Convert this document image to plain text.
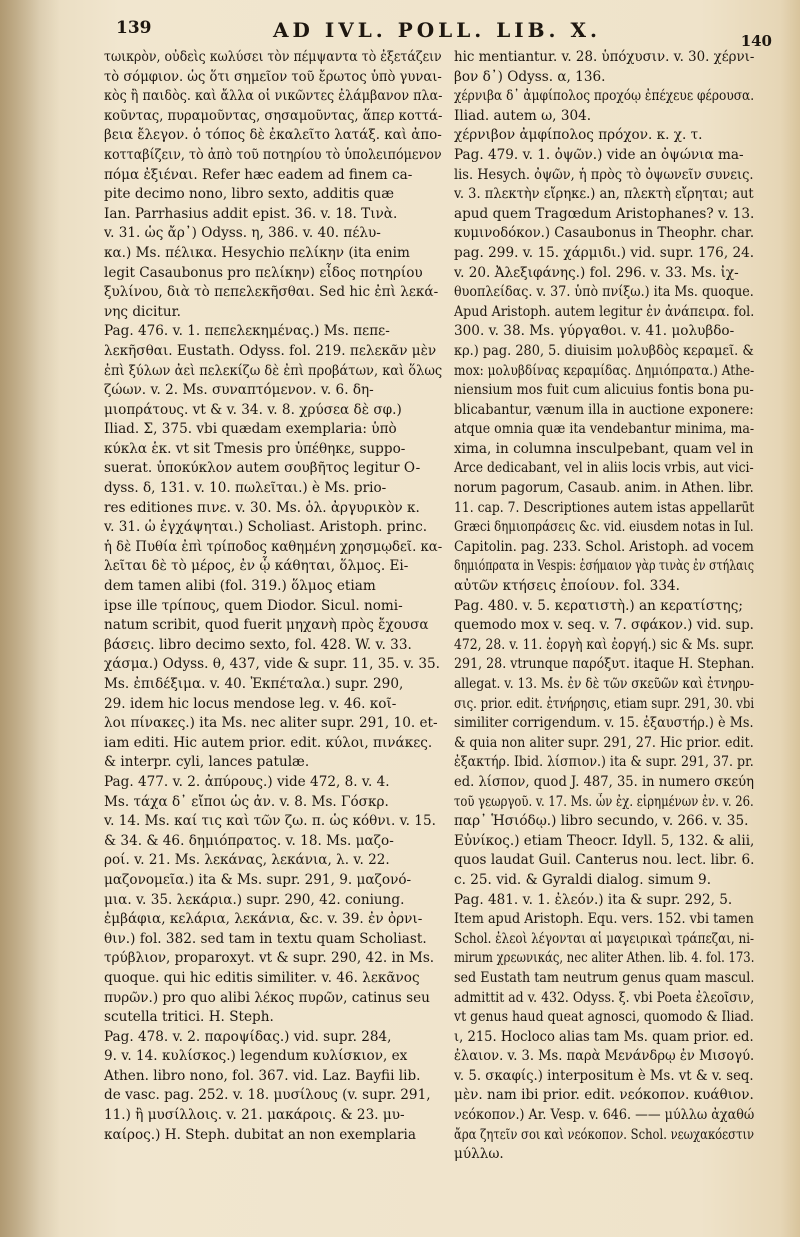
139	AD IVL. POLL. LIB. X.	140
τωικρὸν, οὐδεὶς κωλύσει τὸν πέμψαντα τὸ ἐξετάζειν
τὸ σόμφιον. ὡς ὅτι σημεῖον τοῦ ἔρωτος ὑπὸ γυναι-
κὸς ἢ παιδὸς. καὶ ἄλλα οἱ νικῶντες ἐλάμβανον πλα-
κοῦντας, πυραμοῦντας, σησαμοῦντας, ἅπερ κοττά-
βεια ἔλεγον. ὁ τόπος δὲ ἐκαλεῖτο λατάξ. καὶ ἀπο-
κοτταβίζειν, τὸ ἀπὸ τοῦ ποτηρίου τὸ ὑπολειπόμενον
πόμα ἐξιέναι. Refer hæc eadem ad finem ca-
pite decimo nono, libro sexto, additis quæ
Ian. Parrhasius addit epist. 36. v. 18. Τινὰ.
v. 31. ὡς ἄρ᾽) Odyss. η, 386. v. 40. πέλυ-
κα.) Ms. πέλικα. Hesychio πελίκην (ita enim
legit Casaubonus pro πελίκην) εἶδος ποτηρίου
ξυλίνου, διὰ τὸ πεπελεκῆσθαι. Sed hic ἐπὶ λεκά-
νης dicitur.
Pag. 476. v. 1. πεπελεκημένας.) Ms. πεπε-
λεκῆσθαι. Eustath. Odyss. fol. 219. πελεκᾶν μὲν
ἐπὶ ξύλων ἀεὶ πελεκίζω δὲ ἐπὶ προβάτων, καὶ ὅλως
ζώων. v. 2. Ms. συναπτόμενον. v. 6. δη-
μιοπράτους. vt & v. 34. v. 8. χρύσεα δὲ σφ.)
Iliad. Σ, 375. vbi quædam exemplaria: ὑπὸ
κύκλα ἑκ. vt sit Tmesis pro ὑπέθηκε, suppo-
suerat. ὑποκύκλον autem σουβῆτος legitur O-
dyss. δ, 131. v. 10. πωλεῖται.) è Ms. prio-
res editiones πινε. v. 30. Ms. ὁλ. ἀργυρικὸν κ.
v. 31. ὡ ἐγχάψηται.) Scholiast. Aristoph. princ.
ἡ δὲ Πυθία ἐπὶ τρίποδος καθημένη χρησμῳδεῖ. κα-
λεῖται δὲ τὸ μέρος, ἐν ᾧ κάθηται, ὅλμος. Ei-
dem tamen alibi (fol. 319.) ὅλμος etiam
ipse ille τρίπους, quem Diodor. Sicul. nomi-
natum scribit, quod fuerit μηχανὴ πρὸς ἔχουσα
βάσεις. libro decimo sexto, fol. 428. W. v. 33.
χάσμα.) Odyss. θ, 437, vide & supr. 11, 35. v. 35.
Ms. ἐπιδέξιμα. v. 40. Ἐκπέταλα.) supr. 290,
29. idem hic locus mendose leg. v. 46. κοῖ-
λοι πίνακες.) ita Ms. nec aliter supr. 291, 10. et-
iam editi. Hic autem prior. edit. κύλοι, πινάκες.
& interpr. cyli, lances patulæ.
Pag. 477. v. 2. ἀπύρους.) vide 472, 8. v. 4.
Ms. τάχα δ᾽ εἴποι ὡς ἀν. v. 8. Ms. Γόσκρ.
v. 14. Ms. καί τις καὶ τῶν ζω. π. ὡς κόθνι. v. 15.
& 34. & 46. δημιόπρατος. v. 18. Ms. μαζο-
ροί. v. 21. Ms. λεκάνας, λεκάνια, λ. v. 22.
μαζονομεῖα.) ita & Ms. supr. 291, 9. μαζονό-
μια. v. 35. λεκάρια.) supr. 290, 42. coniung.
ἐμβάφια, κελάρια, λεκάνια, &c. v. 39. ἐν ὀρνι-
θιν.) fol. 382. sed tam in textu quam Scholiast.
τρύβλιον, proparoxyt. vt & supr. 290, 42. in Ms.
quoque. qui hic editis similiter. v. 46. λεκᾶνος
πυρῶν.) pro quo alibi λέκος πυρῶν, catinus seu
scutella tritici. H. Steph.
Pag. 478. v. 2. παροψίδας.) vid. supr. 284,
9. v. 14. κυλίσκος.) legendum κυλίσκιον, ex
Athen. libro nono, fol. 367. vid. Laz. Bayfii lib.
de vasc. pag. 252. v. 18. μυσίλους (v. supr. 291,
11.) ἢ μυσίλλοις. v. 21. μακάροις. & 23. μυ-
καίρος.) H. Steph. dubitat an non exemplaria
hic mentiantur. v. 28. ὑπόχυσιν. v. 30. χέρνι-
βον δ᾽) Odyss. α, 136.
χέρνιβα δ᾽ ἀμφίπολος προχόῳ ἐπέχευε φέρουσα.
Iliad. autem ω, 304.
χέρνιβον ἀμφίπολος πρόχον. κ. χ. τ.
Pag. 479. v. 1. ὀψῶν.) vide an ὀψώνια ma-
lis. Hesych. ὀψῶν, ἡ πρὸς τὸ ὀψωνεῖν συνεις.
v. 3. πλεκτὴν εἴρηκε.) an, πλεκτὴ εἴρηται; aut
apud quem Tragœdum Aristophanes? v. 13.
κυμινοδόκον.) Casaubonus in Theophr. char.
pag. 299. v. 15. χάρμιδι.) vid. supr. 176, 24.
v. 20. Ἀλεξιφάνης.) fol. 296. v. 33. Ms. ἰχ-
θυοπλείδας. v. 37. ὑπὸ πνίξω.) ita Ms. quoque.
Apud Aristoph. autem legitur ἐν ἀνάπειρα. fol.
300. v. 38. Ms. γύργαθοι. v. 41. μολυβδο-
κρ.) pag. 280, 5. diuisim μολυβδὸς κεραμεῖ. &
mox: μολυβδίνας κεραμίδας. Δημιόπρατα.) Athe-
niensium mos fuit cum alicuius fontis bona pu-
blicabantur, vænum illa in auctione exponere:
atque omnia quæ ita vendebantur minima, ma-
xima, in columna insculpebant, quam vel in
Arce dedicabant, vel in aliis locis vrbis, aut vici-
norum pagorum, Casaub. anim. in Athen. libr.
11. cap. 7. Descriptiones autem istas appellarūt
Græci δημιοπράσεις &c. vid. eiusdem notas in Iul.
Capitolin. pag. 233. Schol. Aristoph. ad vocem
δημιόπρατα in Vespis: ἐσήμαιον γὰρ τινὰς ἐν στήλαις
αὐτῶν κτήσεις ἐποίουν. fol. 334.
Pag. 480. v. 5. κερατιστὴ.) an κερατίστης;
quemodo mox v. seq. v. 7. σφάκον.) vid. sup.
472, 28. v. 11. ἐοργὴ καὶ ἐοργή.) sic & Ms. supr.
291, 28. vtrunque παρόξυτ. itaque H. Stephan.
allegat. v. 13. Ms. ἐν δὲ τῶν σκεῦῶν καὶ ἐτνηρυ-
σις. prior. edit. ἐτνήρησις, etiam supr. 291, 30. vbi
similiter corrigendum. v. 15. ἐξαυστήρ.) è Ms.
& quia non aliter supr. 291, 27. Hic prior. edit.
ἐξακτήρ. Ibid. λίσπιον.) ita & supr. 291, 37. pr.
ed. λίσπον, quod J. 487, 35. in numero σκεύη
τοῦ γεωργοῦ. v. 17. Ms. ὧν ἐχ. εἰρημένων ἐν. v. 26.
παρ᾽ Ἡσιόδῳ.) libro secundo, v. 266. v. 35.
Εὐνίκος.) etiam Theocr. Idyll. 5, 132. & alii,
quos laudat Guil. Canterus nou. lect. libr. 6.
c. 25. vid. & Gyraldi dialog. simum 9.
Pag. 481. v. 1. ἐλεόν.) ita & supr. 292, 5.
Item apud Aristoph. Equ. vers. 152. vbi tamen
Schol. ἐλεοὶ λέγονται αἱ μαγειρικαὶ τράπεζαι, ni-
mirum χρεωνικάς, nec aliter Athen. lib. 4. fol. 173.
sed Eustath tam neutrum genus quam mascul.
admittit ad v. 432. Odyss. ξ. vbi Poeta ἐλεοῖσιν,
vt genus haud queat agnosci, quomodo & Iliad.
ι, 215. Hocloco alias tam Ms. quam prior. ed.
ἐλαιον. v. 3. Ms. παρὰ Μενάνδρῳ ἐν Μισογύ.
v. 5. σκαφίς.) interpositum è Ms. vt & v. seq.
μὲν. nam ibi prior. edit. νεόκοπον. κυάθιον.
νεόκοπον.) Ar. Vesp. v. 646. —— μύλλω ἀχαθώ
ἄρα ζητεῖν σοι καὶ νεόκοπον. Schol. νεωχακόεστιν
μύλλω.
